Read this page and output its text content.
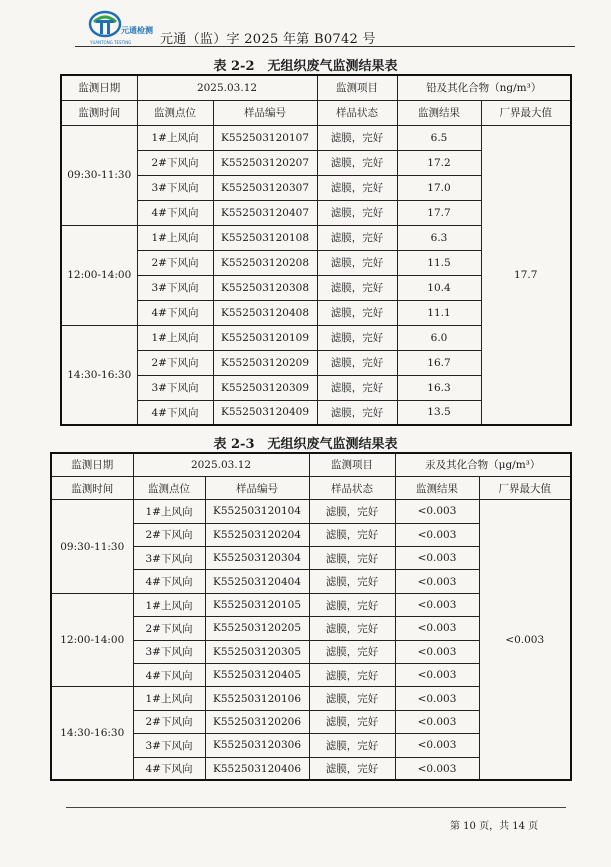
元通检测
YUANTONG TESTING 元通（监）字 2025 年第 B0742 号
表 2-2　无组织废气监测结果表
监测日期	2025.03.12		监测项目	铅及其化合物（ng/m³）	
监测时间	监测点位	样品编号	样品状态	监测结果	厂界最大值
09:30-11:30	1#上风向	K552503120107	滤膜，完好	6.5	17.7
	2#下风向	K552503120207	滤膜，完好	17.2	
	3#下风向	K552503120307	滤膜，完好	17.0	
	4#下风向	K552503120407	滤膜，完好	17.7	
12:00-14:00	1#上风向	K552503120108	滤膜，完好	6.3	
	2#下风向	K552503120208	滤膜，完好	11.5	
	3#下风向	K552503120308	滤膜，完好	10.4	
	4#下风向	K552503120408	滤膜，完好	11.1	
14:30-16:30	1#上风向	K552503120109	滤膜，完好	6.0	
	2#下风向	K552503120209	滤膜，完好	16.7	
	3#下风向	K552503120309	滤膜，完好	16.3	
	4#下风向	K552503120409	滤膜，完好	13.5	
表 2-3　无组织废气监测结果表
监测日期	2025.03.12		监测项目	汞及其化合物（μg/m³）	
监测时间	监测点位	样品编号	样品状态	监测结果	厂界最大值
09:30-11:30	1#上风向	K552503120104	滤膜，完好	<0.003	<0.003
	2#下风向	K552503120204	滤膜，完好	<0.003	
	3#下风向	K552503120304	滤膜，完好	<0.003	
	4#下风向	K552503120404	滤膜，完好	<0.003	
12:00-14:00	1#上风向	K552503120105	滤膜，完好	<0.003	
	2#下风向	K552503120205	滤膜，完好	<0.003	
	3#下风向	K552503120305	滤膜，完好	<0.003	
	4#下风向	K552503120405	滤膜，完好	<0.003	
14:30-16:30	1#上风向	K552503120106	滤膜，完好	<0.003	
	2#下风向	K552503120206	滤膜，完好	<0.003	
	3#下风向	K552503120306	滤膜，完好	<0.003	
	4#下风向	K552503120406	滤膜，完好	<0.003	
第 10 页，共 14 页
